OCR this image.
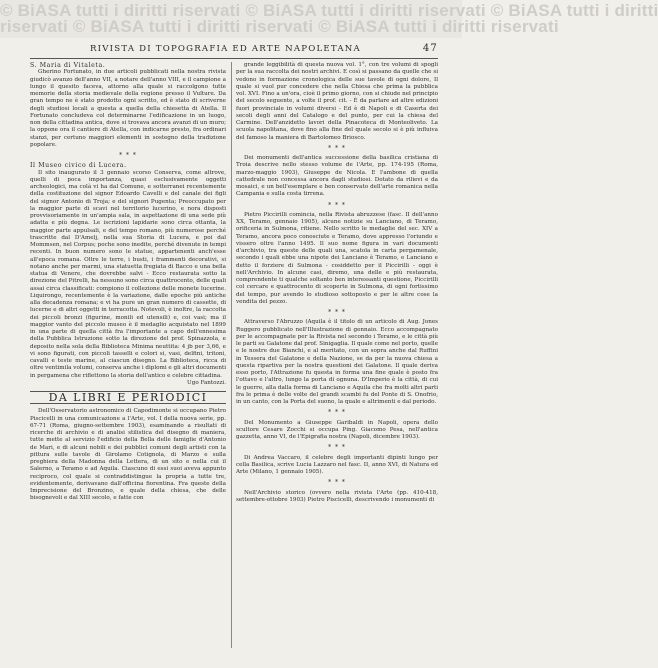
© BiASA tutti i diritti riservati © BiASA tutti i diritti riservati © BiASA tutti i diritti
riservati © BiASA tutti i diritti riservati © BiASA tutti i diritti riservati
RIVISTA DI TOPOGRAFIA ED ARTE NAPOLETANA	47
S. Maria di Vitaleta.

Gherino Fortunato, in due articoli pubblicati nella nostra rivista giudicò avanzo dell'anno VII, a notare dell'anno VIII, e il campione a lungo il quesito faceva, attorno alla quale si raccolgono tutte memorie della storia medievale della regione presso il Vulture. Da gran tempo ne è stato prodotto ogni scritto, ed è stato di scriverne degli studiosi locali a questa a quella della chiesetta di Atella. Il Fortunato concludeva col determinarne l'edificazione in un luogo, non della cittadina antica, dove si trovava ancora avanzi di un muro; la oppone ora il cantiere di Atella, con indicarne presto, fra ordinari stanzi, per certuno maggiori elementi in sostegno della tradizione popolare.

* * *
Il Museo civico di Lucera.

Il sito inaugurato il 3 gennaio scorso Conserva, come altrove, quelli di poca importanza, quasi esclusivamente oggetti archeologici, ma colà vi ha dal Comune, e sotterranei recentemente della costituzione del signor Edoardo Cavelli e del canale dei figli del signor Antonio di Troja; e del signori Pugenta; Preoccupato per la maggior parte di scavi nel territorio lucerino, e nora disposti provvisoriamente in un'ampia sala, in aspettazione di una sede più adatta e più degna. Le iscrizioni lapidarie sono circa ottanta, la maggior parte appulsali, e del tempo romano, più numerose perché trascritte dal D'Amelj, nella sua Storia di Lucera, e poi dal Mommsen, nel Corpus; poche sono inedite, perché divenute in tempi recenti. In buon numero sono le statue, appartenenti anch'esse all'epoca romana. Oltre le terre, i busti, i frammenti decorativi, si notano anche per marmi, una statuetta fregiata di Bacco e una bella statua di Venere, che dovrebbe salvi - Ecco restaurata sotto la direzione del Pitrelli, ha nessuno sono circa quattrocento, delle quali assai circa classificati: compiono il collezione delle monete lucerine. Liquirongo, recentemente è la variazione, dalle epoche più antiche alla decadenza romana; e vi ha pure un gran numero di cassette, di lucerne e di altri oggetti in terracotta. Notevoli, è inoltre, la raccolta dei piccoli bronzi (figurine, monili ed utensili) e, coi vasi; ma il maggior vanto del piccolo museo è il medaglio acquistato nel 1899 in una parte di quella città fra l'importante a capo dell'ennesima della Pubblica Istruzione sotto la direzione del prof. Spinazzola, e deposito nella sola della Biblioteca Minima neuttita: 4 jb per 3,66, e vi sono figurati, con piccoli tasselli e colori si, vasi, delfini, tritoni, cavalli e teste marine, al ciascun disegno. La Biblioteca, ricca di oltre ventimila volumi, conserva anche i diplomi e gli altri documenti in pergamena che riflettono la storia dell'antico e celebre cittadina.

Ugo Fantozzi.

DA LIBRI E PERIODICI

Dell'Osservatorio astronomico di Capodimonte si occupano Pietro Piscicelli in una comunicazione a l'Arte, vol. I della nuova serie, pp. 67-71 (Roma, giugno-settembre 1903), esaminando a risultati di ricerche di archivio e di analisi stilistica del disegno di maniera, tutte mette al servizio l'edificio della Bella delle famiglie d'Antonio de Mari, e di alcuni nobili e dei pubblici comuni degli artisti con la pittura sulle tavole di Girolamo Cotignola, di Marzo e sulla preghiera della Madonna della Lettera, di un sito e nella cui il Salerno, a Teramo e ad Aquila. Ciascuno di essi suoi aveva appunto reciproco, col quale si contraddistingue la propria a tutte tre, evidentemente, derivavano dall'officina fiorentina. Fra queste della Imprecisione del Bronzino, e quale della chiesa, che delle bisognevoli e dal XIII secolo, e fatte con

grande leggibilità di questa nuova vol. 1°, con tre volumi di spogli per la sua raccolta dei nostri archivi. E così si passano da quelle che si vedono in formazione cronologica delle sue tavole di ogni dolore, Il quale si vuol pur concedere che nella Chiesa che prima la pubblica vol. XVI. Fino a un'ora, cioè il primo giorno, con si chiude nel principio del secolo seguente, a volte il prof. cit. - È da parlare ad altre edizioni fuori provinciale in volumi diversi - Ed è di Napoli e di Caserta dei secoli degli anni del Catalogo e del punto, per cui la chiesa del Carmine. Dell'anzidetto lavori della Pinacoteca di Monteoliveto. La scuola napolitana, dove fino alla fine del quale secolo si è più influiva del famoso la maniera di Bartolomeo Briosco.

* * *

Dei monumenti dell'antica successione della basilica cristiana di Troia descrive nello stesso volume de l'Arte, pp. 174-195 (Roma, marzo-maggio 1903), Giuseppe de Nicola. E l'ambone di quella cattedrale non concessa ancora dagli studiosi. Dotato da rilievi e da mosaici, e un bell'esemplare e ben conservato dell'arte romanica nella Campania e sulla costa tirrena.

* * *

Pietro Piccirilli comincia, nella Rivista abruzzese (fasc. II dell'anno XX, Teramo, gennaio 1905), alcune notizie su Lanciano, di Teramo, orificeria in Sulmona, ritiene. Nello scritto le medaglie del sec. XIV a Teramo, ancora poco conosciute e Teramo, dove appresso l'oriundo e vissero oltre l'anno 1495. Il suo nome figura in vari documenti d'archivio, tra queste delle quali una, scatola in carta pergamenale, secondo i quali ebbe una nipote dei Lanciano è Teramo, e Lanciano e detto il forziere di Sulmona - cosiddetto per il Piccirilli - oggi è nell'Archivio. In alcune casi, diremo, una delle e più restaurata, comprendente ti qualche soltanto ben interessanti questione, Piccirilli col cercare e quattrocento di scoperte in Sulmona, di ogni fortissimo del tempo, pur avendo lo studioso sottoposto e per le altre cose la vendita del pezzo.

* * *

Attraverso l'Abruzzo (Aquila è il titolo di un articolo di Aug. Jones Ruggero pubblicato nell'Illustrazione di gennaio. Ecco accompagnato per le accompagnate per la Rivista nel secondo i Teramo, e le città più le parti su Galatone dal prof. Sinigaglia. Il quale come nel porto, quelle e le nostre due Bianchi, e al meritato, con un sopra anche dal Ruffini in Tessera del Galatone e della Nazione, se da per la nuova chiesa a questa ripartiva per la nostra questioni dei Galatone. Il quale deriva esso porto, l'Attrazione fu questa in forma una fine quale è posto fra l'ottavo e l'altro, lungo la porta di ognuna. D'Imperio è la città, di cui le guerre, alla dalla forma di Lanciano e Aquila che fra molti altri parti fra le prima è delle volte del grandi scambi fu del Ponte di S. Onofrio, in un canto, con la Porta del suono, la quale e altrimenti e dal periodo.

* * *

Del Monumento a Giuseppe Garibaldi in Napoli, opera dello scultore Cesare Zocchi si occupa Ping. Giacomo Pesa, nell'antica gazzetta, anno VI, de l'Epigrafia nostra (Napoli, dicembre 1903).

* * *

Di Andrea Vaccaro, il celebre degli importanti dipinti lungo per cella Basilica, scrive Lucia Lazzaro nel fasc. II, anno XVI, di Natura ed Arte (Milano, 1 gennaio 1905).

* * *

Nell'Archivio storico (ovvero nella rivista l'Arte (pp. 410-418, settembre-ottobre 1903) Pietro Piscicelli, descrivendo i monumenti di
